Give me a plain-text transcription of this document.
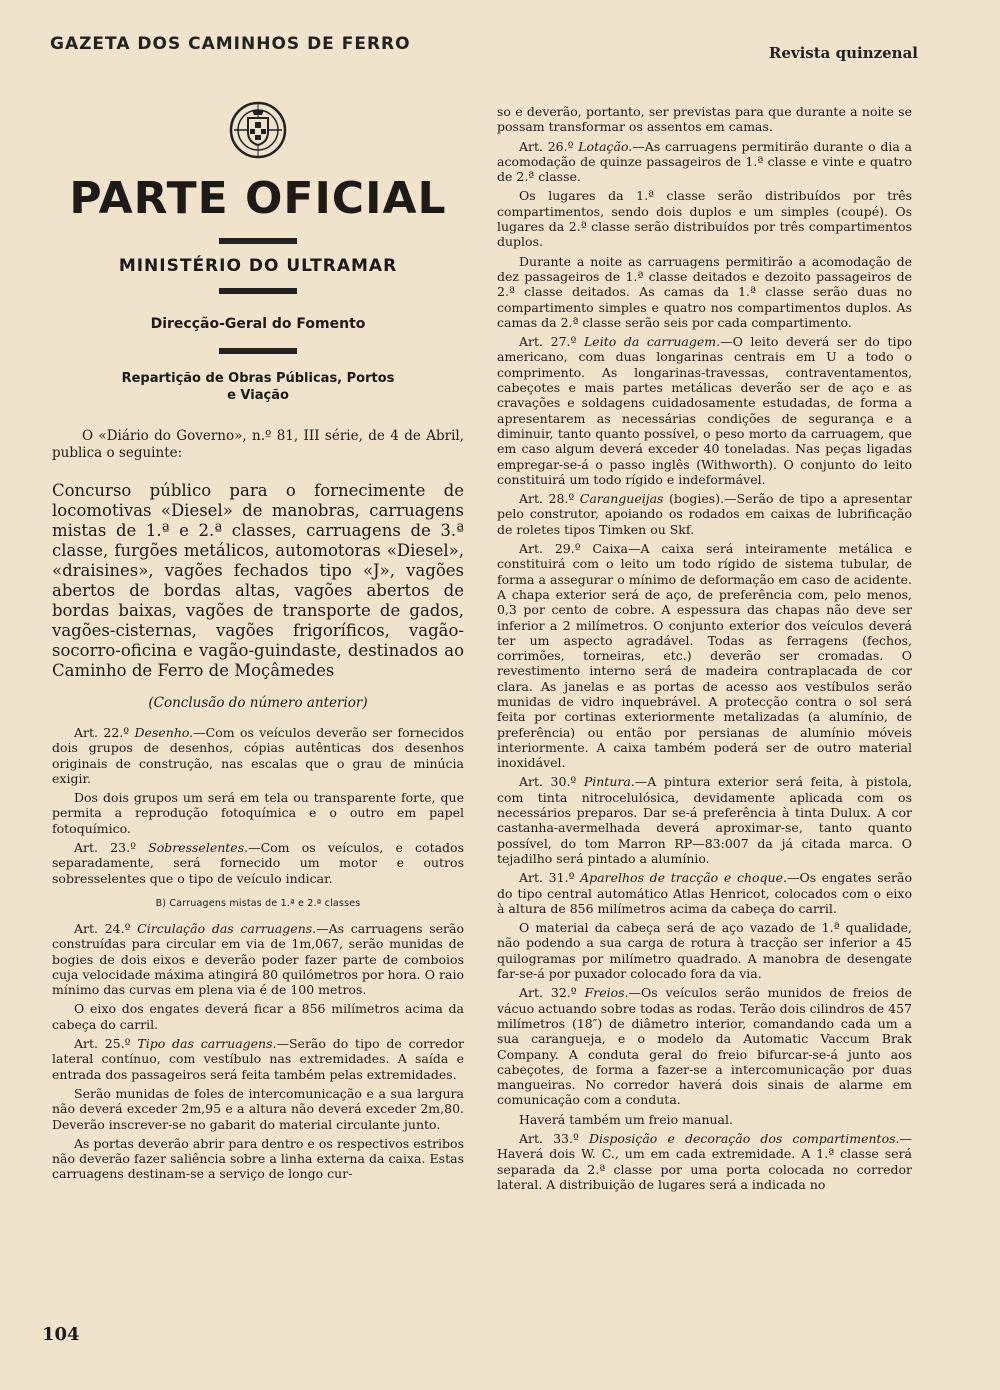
GAZETA DOS CAMINHOS DE FERRO	Revista quinzenal
PARTE OFICIAL
MINISTÉRIO DO ULTRAMAR
Direcção-Geral do Fomento
Repartição de Obras Públicas, Portos
e Viação

O «Diário do Governo», n.º 81, III série, de 4 de Abril, publica o seguinte:

Concurso público para o fornecimente de locomotivas «Diesel» de manobras, carruagens mistas de 1.ª e 2.ª classes, carruagens de 3.ª classe, furgões metálicos, automotoras «Diesel», «draisines», vagões fechados tipo «J», vagões abertos de bordas altas, vagões abertos de bordas baixas, vagões de transporte de gados, vagões-cisternas, vagões frigoríficos, vagão-socorro-oficina e vagão-guindaste, destinados ao Caminho de Ferro de Moçâmedes

(Conclusão do número anterior)

Art. 22.º Desenho.—Com os veículos deverão ser fornecidos dois grupos de desenhos, cópias autênticas dos desenhos originais de construção, nas escalas que o grau de minúcia exigir.

Dos dois grupos um será em tela ou transparente forte, que permita a reprodução fotoquímica e o outro em papel fotoquímico.

Art. 23.º Sobresselentes.—Com os veículos, e cotados separadamente, será fornecido um motor e outros sobresselentes que o tipo de veículo indicar.

B) Carruagens mistas de 1.ª e 2.ª classes

Art. 24.º Circulação das carruagens.—As carruagens serão construídas para circular em via de 1m,067, serão munidas de bogies de dois eixos e deverão poder fazer parte de comboios cuja velocidade máxima atingirá 80 quilómetros por hora. O raio mínimo das curvas em plena via é de 100 metros.

O eixo dos engates deverá ficar a 856 milímetros acima da cabeça do carril.

Art. 25.º Tipo das carruagens.—Serão do tipo de corredor lateral contínuo, com vestíbulo nas extremidades. A saída e entrada dos passageiros será feita também pelas extremidades.

Serão munidas de foles de intercomunicação e a sua largura não deverá exceder 2m,95 e a altura não deverá exceder 2m,80. Deverão inscrever-se no gabarit do material circulante junto.

As portas deverão abrir para dentro e os respectivos estribos não deverão fazer saliência sobre a linha externa da caixa. Estas carruagens destinam-se a serviço de longo cur-

so e deverão, portanto, ser previstas para que durante a noite se possam transformar os assentos em camas.

Art. 26.º Lotação.—As carruagens permitirão durante o dia a acomodação de quinze passageiros de 1.ª classe e vinte e quatro de 2.ª classe.

Os lugares da 1.ª classe serão distribuídos por três compartimentos, sendo dois duplos e um simples (coupé). Os lugares da 2.ª classe serão distribuídos por três compartimentos duplos.

Durante a noite as carruagens permitirão a acomodação de dez passageiros de 1.ª classe deitados e dezoito passageiros de 2.ª classe deitados. As camas da 1.ª classe serão duas no compartimento simples e quatro nos compartimentos duplos. As camas da 2.ª classe serão seis por cada compartimento.

Art. 27.º Leito da carruagem.—O leito deverá ser do tipo americano, com duas longarinas centrais em U a todo o comprimento. As longarinas-travessas, contraventamentos, cabeçotes e mais partes metálicas deverão ser de aço e as cravações e soldagens cuidadosamente estudadas, de forma a apresentarem as necessárias condições de segurança e a diminuir, tanto quanto possível, o peso morto da carruagem, que em caso algum deverá exceder 40 toneladas. Nas peças ligadas empregar-se-á o passo inglês (Withworth). O conjunto do leito constituirá um todo rígido e indeformável.

Art. 28.º Carangueijas (bogies).—Serão de tipo a apresentar pelo construtor, apoiando os rodados em caixas de lubrificação de roletes tipos Timken ou Skf.

Art. 29.º Caixa—A caixa será inteiramente metálica e constituirá com o leito um todo rígido de sistema tubular, de forma a assegurar o mínimo de deformação em caso de acidente. A chapa exterior será de aço, de preferência com, pelo menos, 0,3 por cento de cobre. A espessura das chapas não deve ser inferior a 2 milímetros. O conjunto exterior dos veículos deverá ter um aspecto agradável. Todas as ferragens (fechos, corrimões, torneiras, etc.) deverão ser cromadas. O revestimento interno será de madeira contraplacada de cor clara. As janelas e as portas de acesso aos vestíbulos serão munidas de vidro inquebrável. A protecção contra o sol será feita por cortinas exteriormente metalizadas (a alumínio, de preferência) ou então por persianas de alumínio móveis interiormente. A caixa também poderá ser de outro material inoxidável.

Art. 30.º Pintura.—A pintura exterior será feita, à pistola, com tinta nitrocelulósica, devidamente aplicada com os necessários preparos. Dar se-á preferência à tinta Dulux. A cor castanha-avermelhada deverá aproximar-se, tanto quanto possível, do tom Marron RP—83:007 da já citada marca. O tejadilho será pintado a alumínio.

Art. 31.º Aparelhos de tracção e choque.—Os engates serão do tipo central automático Atlas Henricot, colocados com o eixo à altura de 856 milímetros acima da cabeça do carril.

O material da cabeça será de aço vazado de 1.ª qualidade, não podendo a sua carga de rotura à tracção ser inferior a 45 quilogramas por milímetro quadrado. A manobra de desengate far-se-á por puxador colocado fora da via.

Art. 32.º Freios.—Os veículos serão munidos de freios de vácuo actuando sobre todas as rodas. Terão dois cilindros de 457 milímetros (18″) de diâmetro interior, comandando cada um a sua carangueja, e o modelo da Automatic Vaccum Brak Company. A conduta geral do freio bifurcar-se-á junto aos cabeçotes, de forma a fazer-se a intercomunicação por duas mangueiras. No corredor haverá dois sinais de alarme em comunicação com a conduta.

Haverá também um freio manual.

Art. 33.º Disposição e decoração dos compartimentos.—Haverá dois W. C., um em cada extremidade. A 1.ª classe será separada da 2.ª classe por uma porta colocada no corredor lateral. A distribuição de lugares será a indicada no

104
